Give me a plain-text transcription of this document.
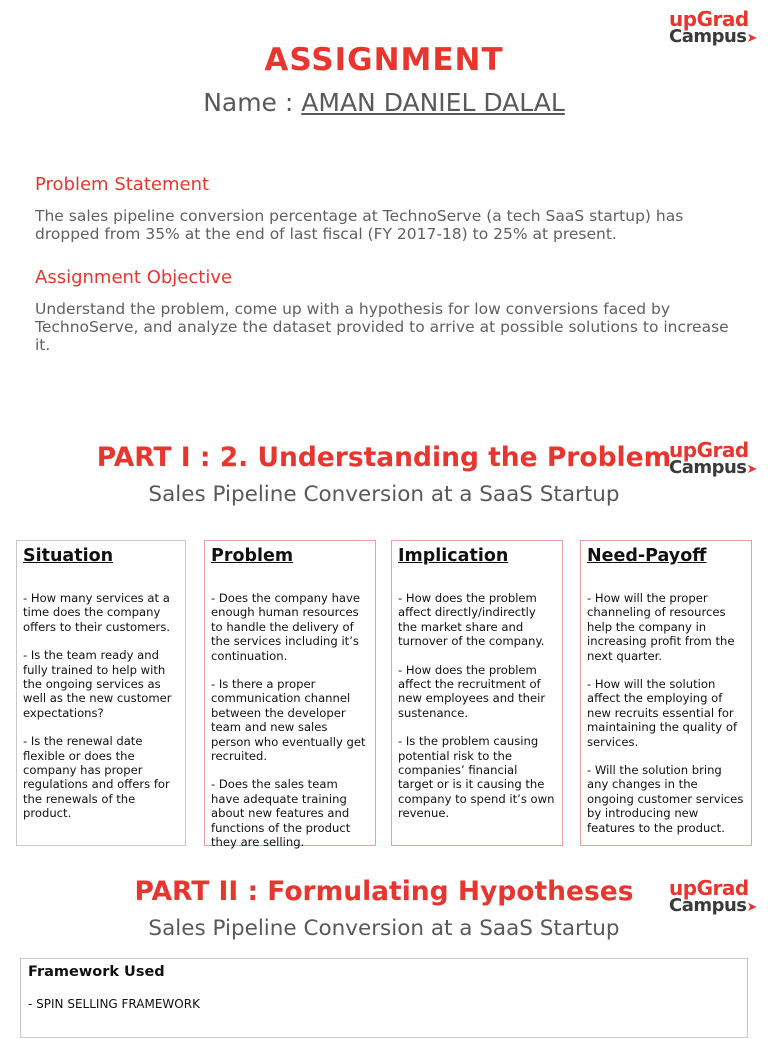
upGrad
Campus➤
ASSIGNMENT
Name : AMAN DANIEL DALAL
Problem Statement
The sales pipeline conversion percentage at TechnoServe (a tech SaaS startup) has dropped from 35% at the end of last fiscal (FY 2017-18) to 25% at present.
Assignment Objective
Understand the problem, come up with a hypothesis for low conversions faced by TechnoServe, and analyze the dataset provided to arrive at possible solutions to increase it.
PART I : 2. Understanding the Problem
upGrad
Campus➤
Sales Pipeline Conversion at a SaaS Startup
Situation

- How many services at a time does the company offers to their customers.

- Is the team ready and fully trained to help with the ongoing services as well as the new customer expectations?

- Is the renewal date flexible or does the company has proper regulations and offers for the renewals of the product.

Problem

- Does the company have enough human resources to handle the delivery of the services including it’s continuation.

- Is there a proper communication channel between the developer team and new sales person who eventually get recruited.

- Does the sales team have adequate training about new features and functions of the product they are selling.

Implication

- How does the problem affect directly/indirectly the market share and turnover of the company.

- How does the problem affect the recruitment of new employees and their sustenance.

- Is the problem causing potential risk to the companies’ financial target or is it causing the company to spend it’s own revenue.

Need-Payoff

- How will the proper channeling of resources help the company in increasing profit from the next quarter.

- How will the solution affect the employing of new recruits essential for maintaining the quality of services.

- Will the solution bring any changes in the ongoing customer services by introducing new features to the product.

PART II : Formulating Hypotheses	upGrad
Campus➤
Sales Pipeline Conversion at a SaaS Startup
Framework Used
- SPIN SELLING FRAMEWORK
